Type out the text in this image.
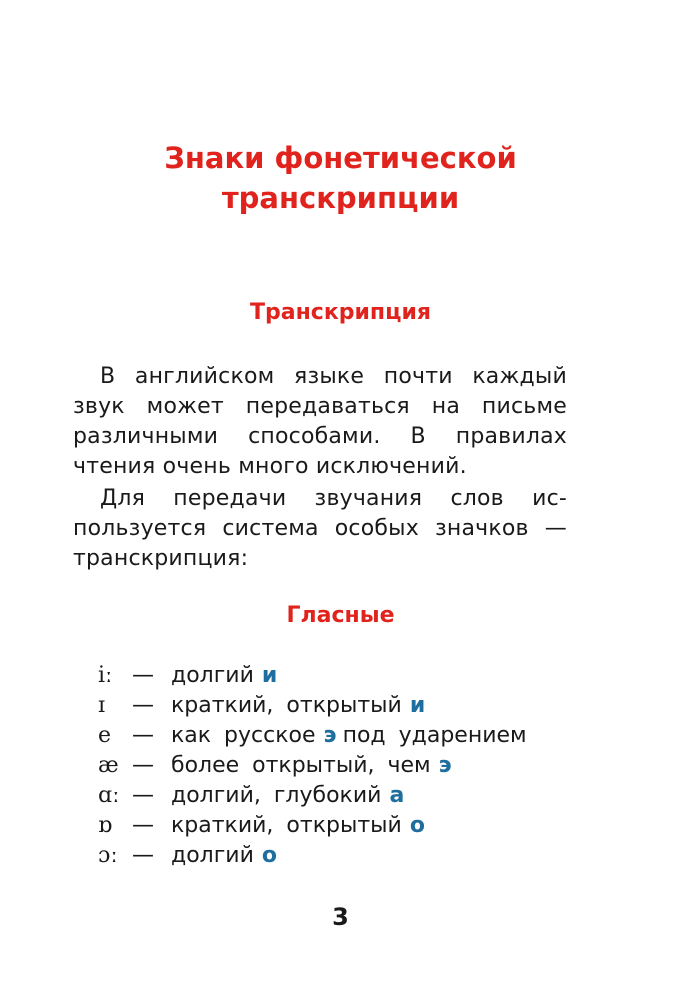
Знаки фонетической
транскрипции
Транскрипция
В английском языке почти каждый
звук может передаваться на письме
различными способами. В правилах
чтения очень много исключений.
Для передачи звучания слов ис-
пользуется система особых значков —
транскрипция:
Гласные
iː — долгий и
ɪ	— краткий, открытый и
e — как русское э под ударением
æ — более открытый, чем э
ɑː — долгий, глубокий а
ɒ — краткий, открытый о
ɔː — долгий о
3
